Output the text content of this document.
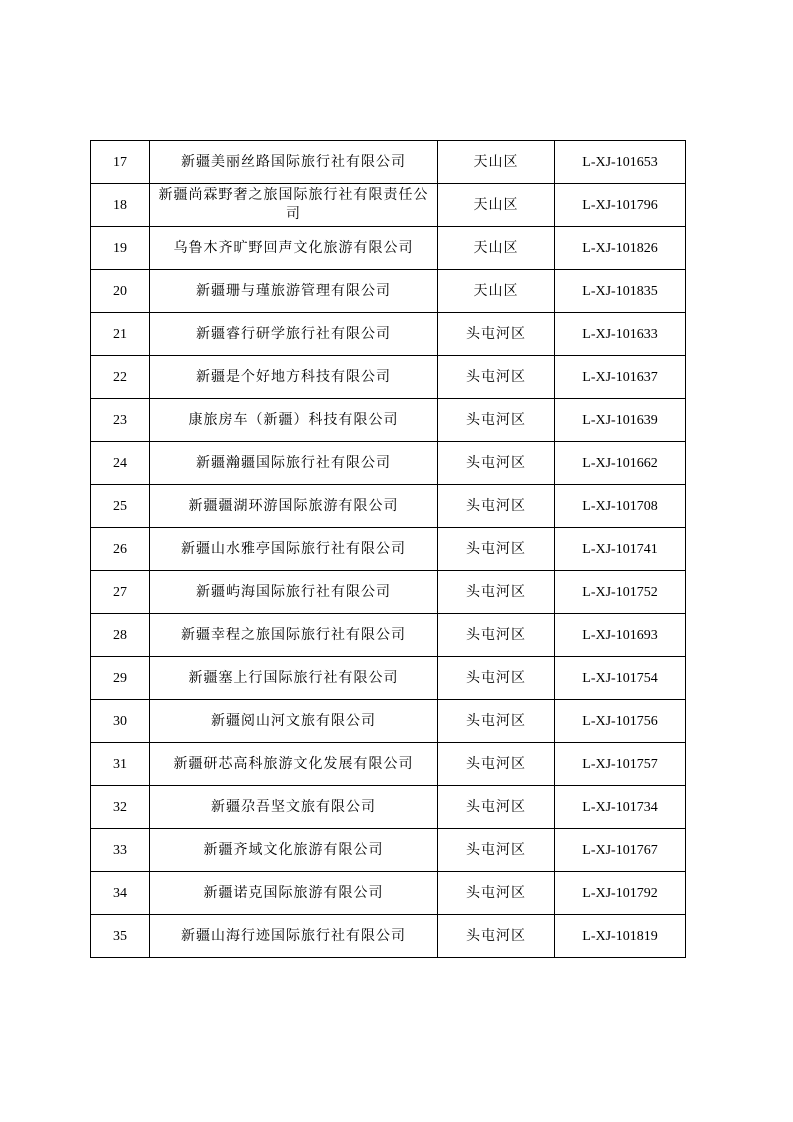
17	新疆美丽丝路国际旅行社有限公司	天山区	L-XJ-101653
18	新疆尚霖野奢之旅国际旅行社有限责任公司	天山区	L-XJ-101796
19	乌鲁木齐旷野回声文化旅游有限公司	天山区	L-XJ-101826
20	新疆珊与瑾旅游管理有限公司	天山区	L-XJ-101835
21	新疆睿行研学旅行社有限公司	头屯河区	L-XJ-101633
22	新疆是个好地方科技有限公司	头屯河区	L-XJ-101637
23	康旅房车（新疆）科技有限公司	头屯河区	L-XJ-101639
24	新疆瀚疆国际旅行社有限公司	头屯河区	L-XJ-101662
25	新疆疆湖环游国际旅游有限公司	头屯河区	L-XJ-101708
26	新疆山水雅亭国际旅行社有限公司	头屯河区	L-XJ-101741
27	新疆屿海国际旅行社有限公司	头屯河区	L-XJ-101752
28	新疆幸程之旅国际旅行社有限公司	头屯河区	L-XJ-101693
29	新疆塞上行国际旅行社有限公司	头屯河区	L-XJ-101754
30	新疆阅山河文旅有限公司	头屯河区	L-XJ-101756
31	新疆研芯高科旅游文化发展有限公司	头屯河区	L-XJ-101757
32	新疆尕吾坚文旅有限公司	头屯河区	L-XJ-101734
33	新疆齐域文化旅游有限公司	头屯河区	L-XJ-101767
34	新疆诺克国际旅游有限公司	头屯河区	L-XJ-101792
35	新疆山海行迹国际旅行社有限公司	头屯河区	L-XJ-101819
